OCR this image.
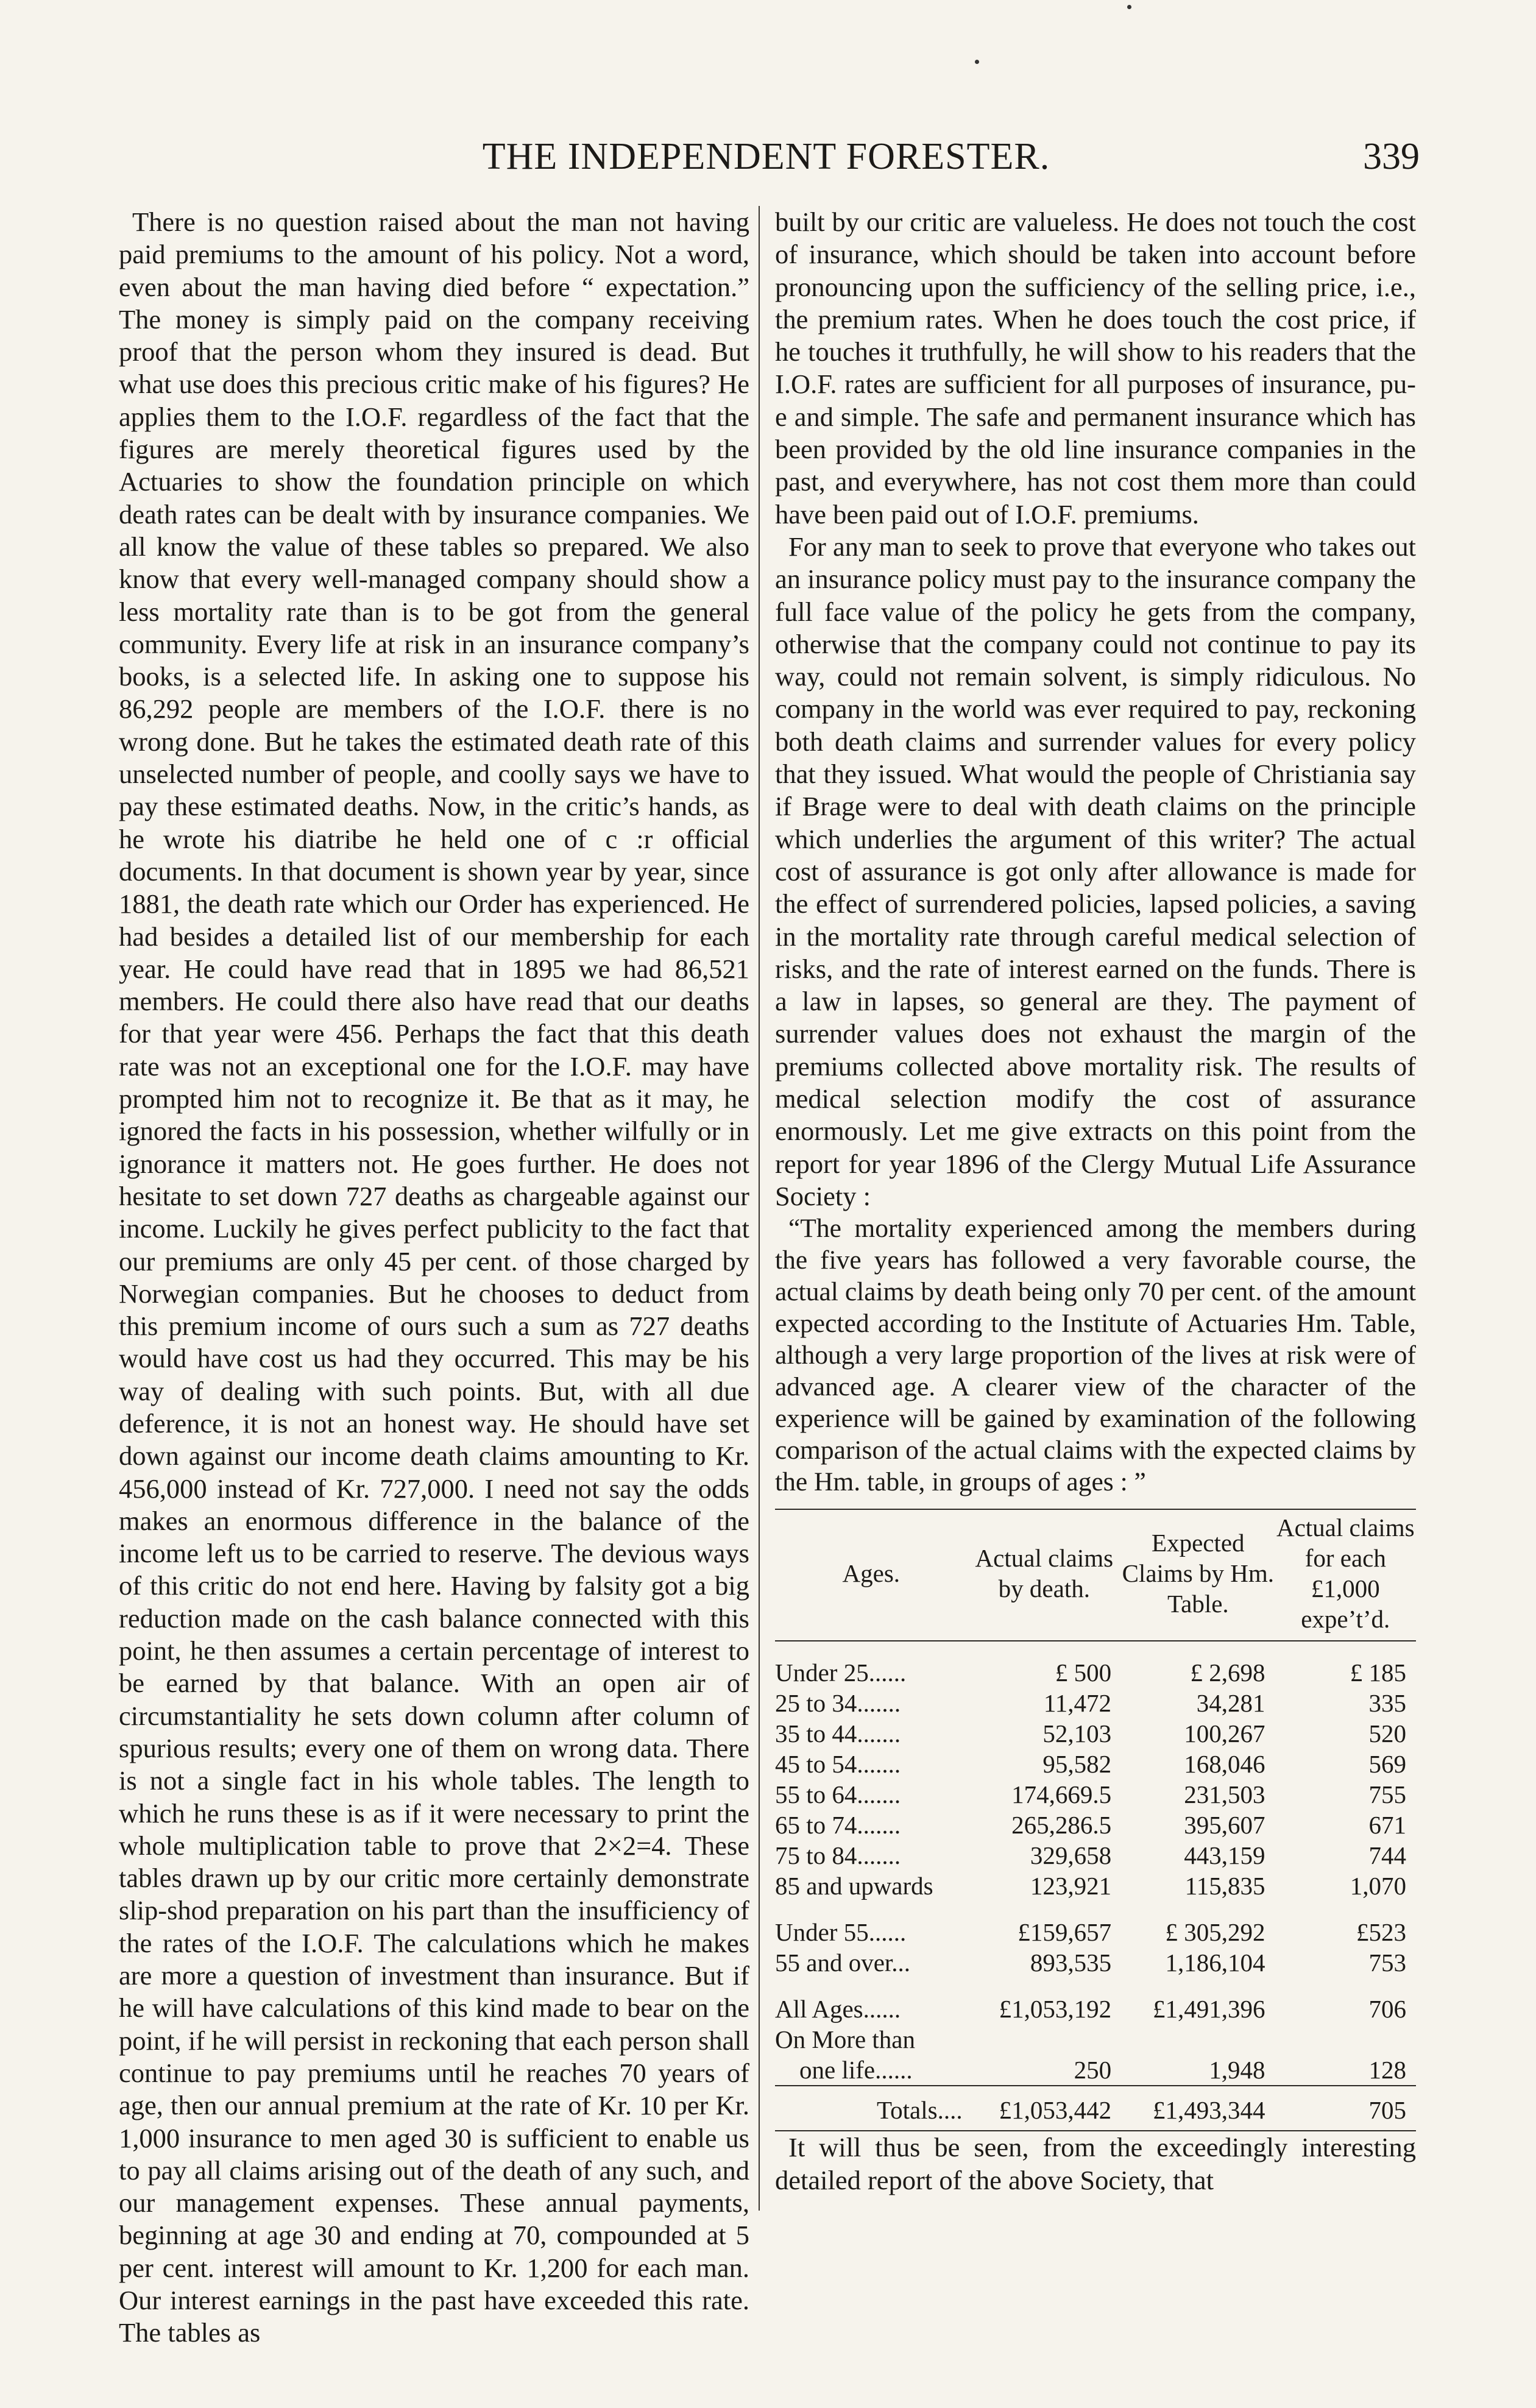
THE INDEPENDENT FORESTER.	339

There is no question raised about the man not having paid premiums to the amount of his policy. Not a word, even about the man having died before “ expectation.” The money is simply paid on the company receiving proof that the person whom they insured is dead. But what use does this precious critic make of his figures? He applies them to the I.O.F. regardless of the fact that the figures are merely theoretical figures used by the Actuaries to show the foundation principle on which death rates can be dealt with by insurance companies. We all know the value of these tables so prepared. We also know that every well-managed company should show a less mortality rate than is to be got from the general community. Every life at risk in an insurance company’s books, is a selected life. In asking one to suppose his 86,292 people are members of the I.O.F. there is no wrong done. But he takes the estimated death rate of this unselected number of people, and coolly says we have to pay these estimated deaths. Now, in the critic’s hands, as he wrote his diatribe he held one of c :r official documents. In that document is shown year by year, since 1881, the death rate which our Order has experienced. He had besides a detailed list of our membership for each year. He could have read that in 1895 we had 86,521 members. He could there also have read that our deaths for that year were 456. Perhaps the fact that this death rate was not an exceptional one for the I.O.F. may have prompted him not to recognize it. Be that as it may, he ignored the facts in his possession, whether wilfully or in ignorance it matters not. He goes further. He does not hesitate to set down 727 deaths as chargeable against our income. Luckily he gives perfect publicity to the fact that our premiums are only 45 per cent. of those charged by Norwegian companies. But he chooses to deduct from this premium income of ours such a sum as 727 deaths would have cost us had they occurred. This may be his way of dealing with such points. But, with all due deference, it is not an honest way. He should have set down against our income death claims amounting to Kr. 456,000 instead of Kr. 727,000. I need not say the odds makes an enormous difference in the balance of the income left us to be carried to reserve. The devious ways of this critic do not end here. Having by falsity got a big reduction made on the cash balance connected with this point, he then assumes a certain percentage of interest to be earned by that balance. With an open air of circumstantiality he sets down column after column of spurious results; every one of them on wrong data. There is not a single fact in his whole tables. The length to which he runs these is as if it were necessary to print the whole multiplication table to prove that 2×2=4. These tables drawn up by our critic more certainly demonstrate slip-shod preparation on his part than the insufficiency of the rates of the I.O.F. The calculations which he makes are more a question of investment than insurance. But if he will have calculations of this kind made to bear on the point, if he will persist in reckoning that each person shall continue to pay premiums until he reaches 70 years of age, then our annual premium at the rate of Kr. 10 per Kr. 1,000 insurance to men aged 30 is sufficient to enable us to pay all claims arising out of the death of any such, and our management expenses. These annual payments, beginning at age 30 and ending at 70, compounded at 5 per cent. interest will amount to Kr. 1,200 for each man. Our interest earnings in the past have exceeded this rate. The tables as

built by our critic are valueless. He does not touch the cost of insurance, which should be taken into account before pronouncing upon the sufficiency of the selling price, i.e., the premium rates. When he does touch the cost price, if he touches it truthfully, he will show to his readers that the I.O.F. rates are sufficient for all purposes of insurance, pu-e and simple. The safe and permanent insurance which has been provided by the old line insurance companies in the past, and everywhere, has not cost them more than could have been paid out of I.O.F. premiums.

For any man to seek to prove that everyone who takes out an insurance policy must pay to the insurance company the full face value of the policy he gets from the company, otherwise that the company could not continue to pay its way, could not remain solvent, is simply ridiculous. No company in the world was ever required to pay, reckoning both death claims and surrender values for every policy that they issued. What would the people of Christiania say if Brage were to deal with death claims on the principle which underlies the argument of this writer? The actual cost of assurance is got only after allowance is made for the effect of surrendered policies, lapsed policies, a saving in the mortality rate through careful medical selection of risks, and the rate of interest earned on the funds. There is a law in lapses, so general are they. The payment of surrender values does not exhaust the margin of the premiums collected above mortality risk. The results of medical selection modify the cost of assurance enormously. Let me give extracts on this point from the report for year 1896 of the Clergy Mutual Life Assurance Society :

“The mortality experienced among the members during the five years has followed a very favorable course, the actual claims by death being only 70 per cent. of the amount expected according to the Institute of Actuaries Hm. Table, although a very large proportion of the lives at risk were of advanced age. A clearer view of the character of the experience will be gained by examination of the following comparison of the actual claims with the expected claims by the Hm. table, in groups of ages : ”

Ages.	Actual claims by death.	Expected Claims by Hm. Table.	Actual claims for each £1,000 expe’t’d.

Under 25......	£ 500	£ 2,698	£ 185
25 to 34.......	11,472	34,281	335
35 to 44.......	52,103	100,267	520
45 to 54.......	95,582	168,046	569
55 to 64.......	174,669.5	231,503	755
65 to 74.......	265,286.5	395,607	671
75 to 84.......	329,658	443,159	744
85 and upwards	123,921	115,835	1,070

Under 55......	£159,657	£ 305,292	£523
55 and over...	893,535	1,186,104	753

All Ages......	£1,053,192	£1,491,396	706
On More than			
one life......	250	1,948	128
Totals....	£1,053,442	£1,493,344	705

It will thus be seen, from the exceedingly interesting detailed report of the above Society, that
